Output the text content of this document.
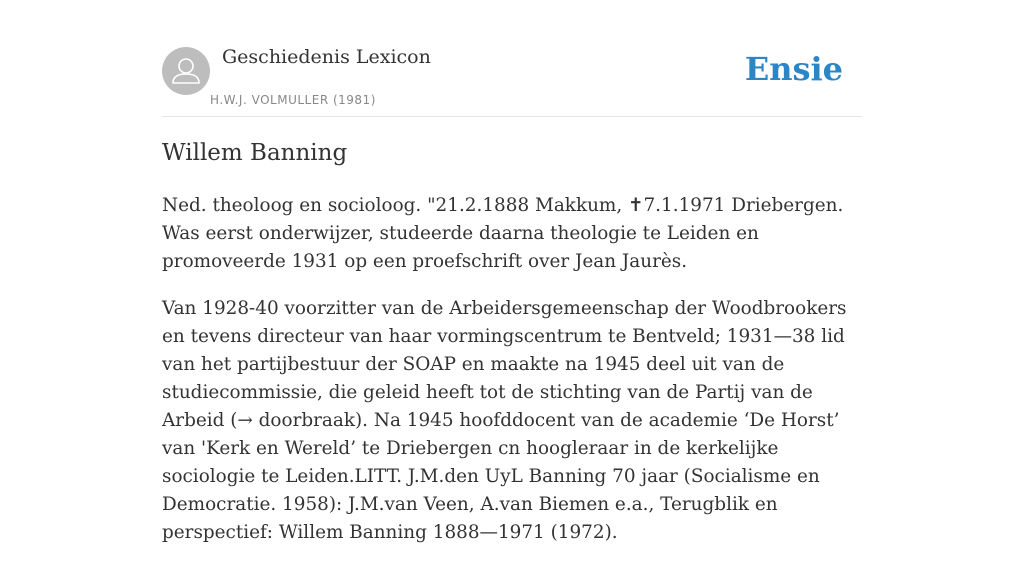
Geschiedenis Lexicon
H.W.J. VOLMULLER (1981)
Ensie
Willem Banning

Ned. theoloog en socioloog. "21.2.1888 Makkum, ✝7.1.1971 Driebergen. Was eerst onderwijzer, studeerde daarna theologie te Leiden en promoveerde 1931 op een proefschrift over Jean Jaurès.

Van 1928-40 voorzitter van de Arbeidersgemeenschap der Woodbrookers en tevens directeur van haar vormingscentrum te Bentveld; 1931—38 lid van het partijbestuur der SOAP en maakte na 1945 deel uit van de studiecommissie, die geleid heeft tot de stichting van de Partij van de Arbeid (→ doorbraak). Na 1945 hoofddocent van de academie ‘De Horst’ van 'Kerk en Wereld’ te Driebergen cn hoogleraar in de kerkelijke sociologie te Leiden.LITT. J.M.den UyL Banning 70 jaar (Socialisme en Democratie. 1958): J.M.van Veen, A.van Biemen e.a., Terugblik en perspectief: Willem Banning 1888—1971 (1972).
